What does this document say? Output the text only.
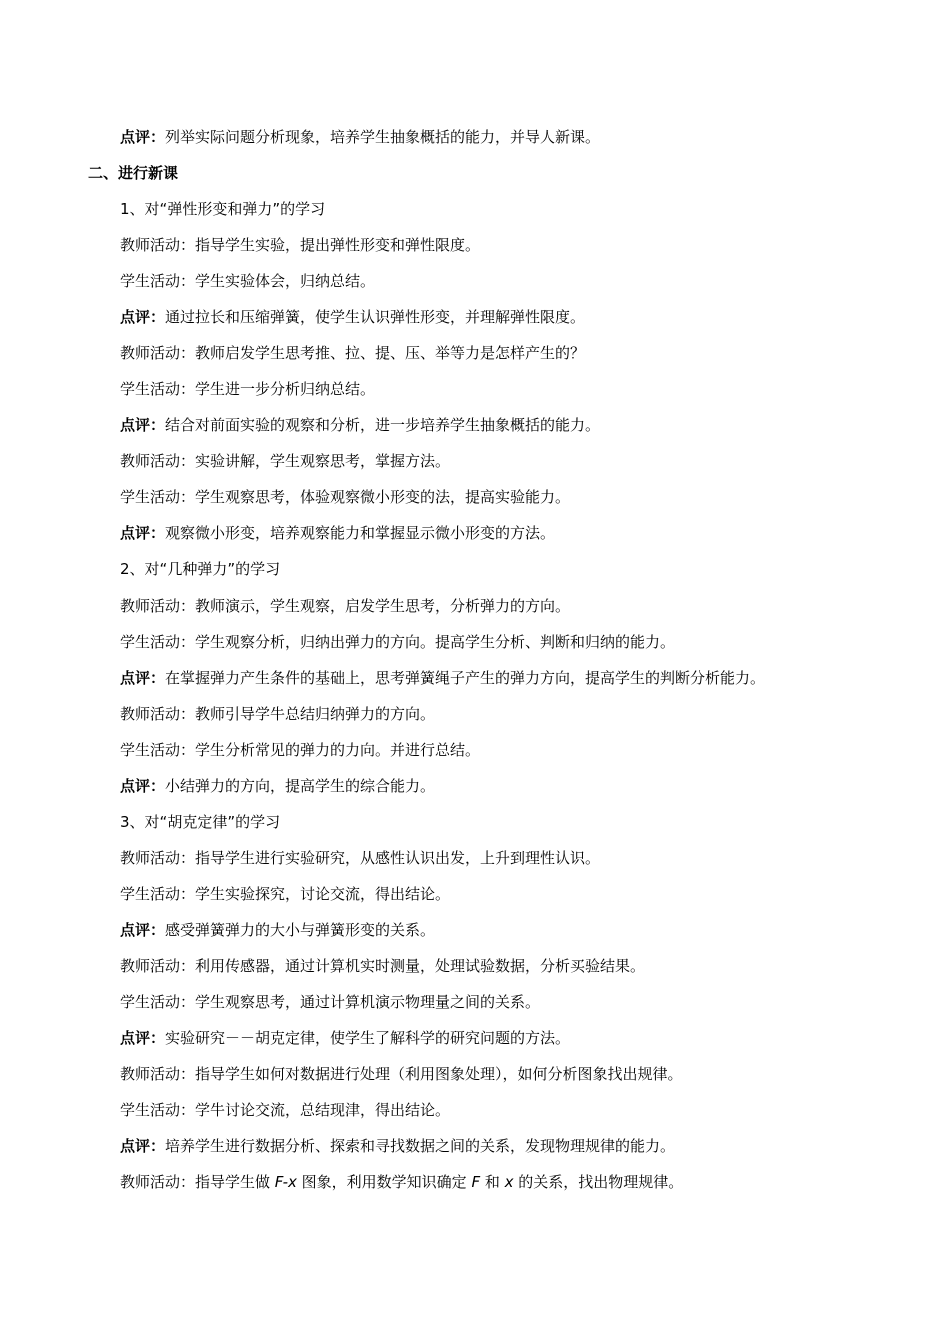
点评：列举实际问题分析现象，培养学生抽象概括的能力，并导人新课。
二、进行新课
1、对“弹性形变和弹力”的学习
教师活动：指导学生实验，提出弹性形变和弹性限度。
学生活动：学生实验体会，归纳总结。
点评：通过拉长和压缩弹簧，使学生认识弹性形变，并理解弹性限度。
教师活动：教师启发学生思考推、拉、提、压、举等力是怎样产生的？
学生活动：学生进一步分析归纳总结。
点评：结合对前面实验的观察和分析，进一步培养学生抽象概括的能力。
教师活动：实验讲解，学生观察思考，掌握方法。
学生活动：学生观察思考，体验观察微小形变的法，提高实验能力。
点评：观察微小形变，培养观察能力和掌握显示微小形变的方法。
2、对“几种弹力”的学习
教师活动：教师演示，学生观察，启发学生思考，分析弹力的方向。
学生活动：学生观察分析，归纳出弹力的方向。提高学生分析、判断和归纳的能力。
点评：在掌握弹力产生条件的基础上，思考弹簧绳子产生的弹力方向，提高学生的判断分析能力。
教师活动：教师引导学牛总结归纳弹力的方向。
学生活动：学生分析常见的弹力的力向。并进行总结。
点评：小结弹力的方向，提高学生的综合能力。
3、对“胡克定律”的学习
教师活动：指导学生进行实验研究，从感性认识出发，上升到理性认识。
学生活动：学生实验探究，讨论交流，得出结论。
点评：感受弹簧弹力的大小与弹簧形变的关系。
教师活动：利用传感器，通过计算机实时测量，处理试验数据，分析买验结果。
学生活动：学生观察思考，通过计算机演示物理量之间的关系。
点评：实验研究－－胡克定律，使学生了解科学的研究问题的方法。
教师活动：指导学生如何对数据进行处理（利用图象处理），如何分析图象找出规律。
学生活动：学牛讨论交流，总结现津，得出结论。
点评：培养学生进行数据分析、探索和寻找数据之间的关系，发现物理规律的能力。
教师活动：指导学生做 F-x 图象，利用数学知识确定 F 和 x 的关系，找出物理规律。
